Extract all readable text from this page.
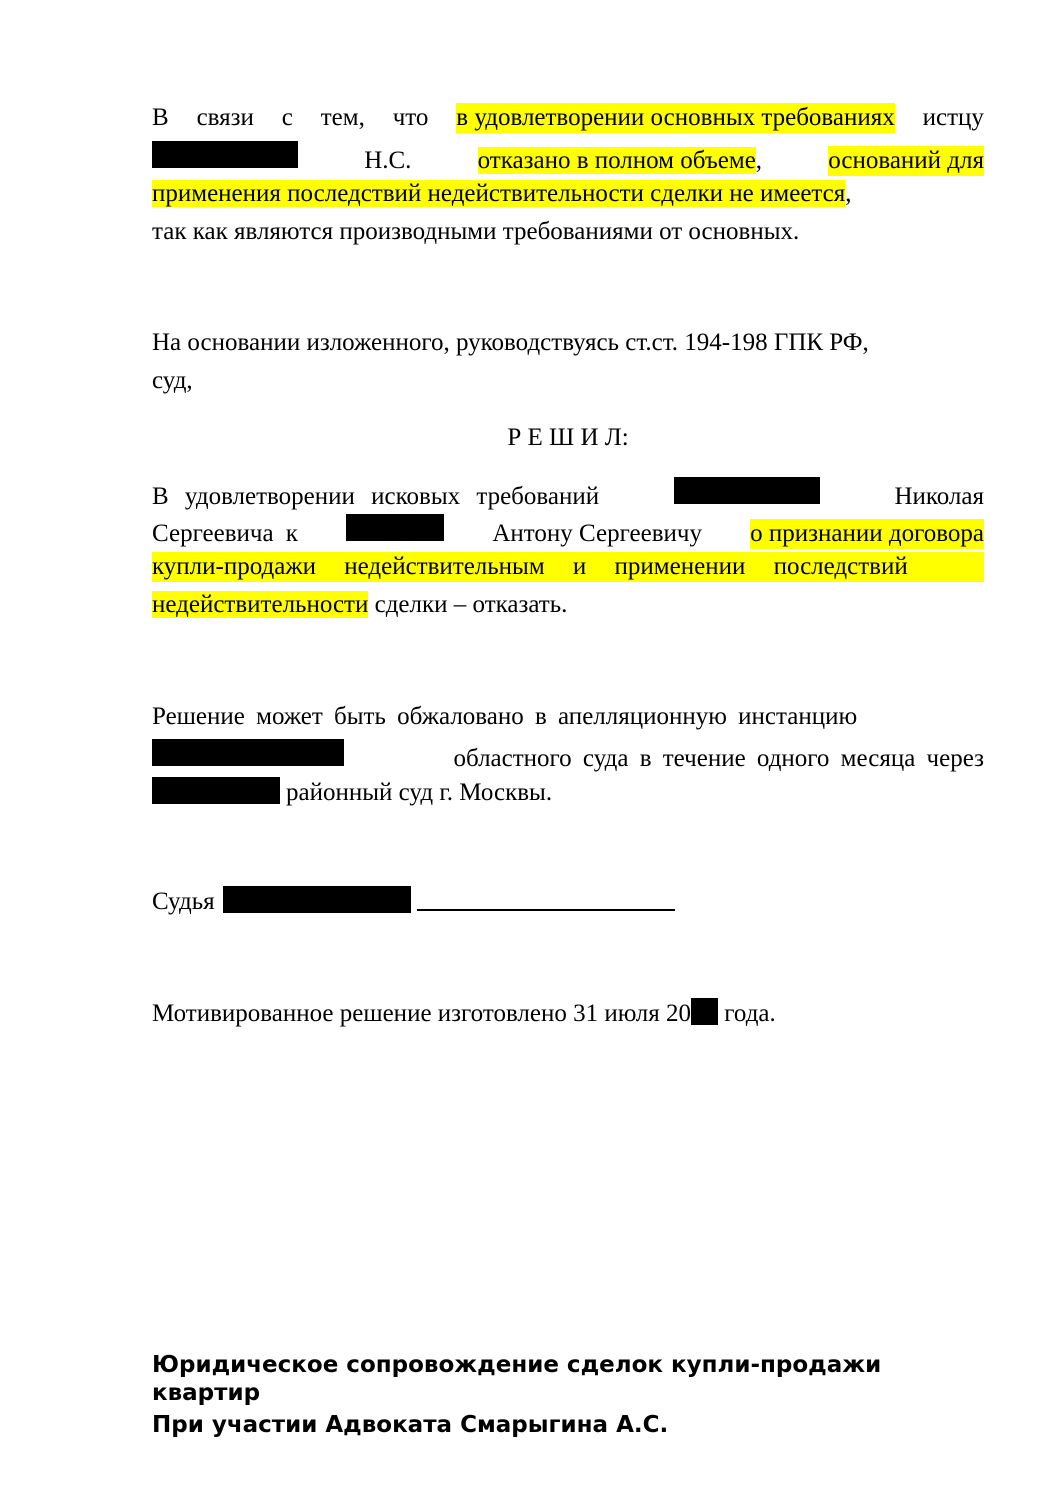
В связи с тем, что в удовлетворении основных требованиях истцу
Н.С.	отказано в полном объеме,	оснований для
применения последствий недействительности сделки не имеется,
так как являются производными требованиями от основных.
На основании изложенного, руководствуясь ст.ст. 194-198 ГПК РФ,
суд,
Р Е Ш И Л:
В удовлетворении исковых требований	Николая
Сергеевича к	Антону Сергеевичу о признании договора
купли-продажи недействительным и применении последствий
недействительности сделки – отказать.
Решение может быть обжаловано в апелляционную инстанцию
областного суда в течение одного месяца через
районный суд г. Москвы.
Судья
Мотивированное решение изготовлено 31 июля 20 года.
Юридическое сопровождение сделок купли-продажи
квартир
При участии Адвоката Смарыгина А.С.
